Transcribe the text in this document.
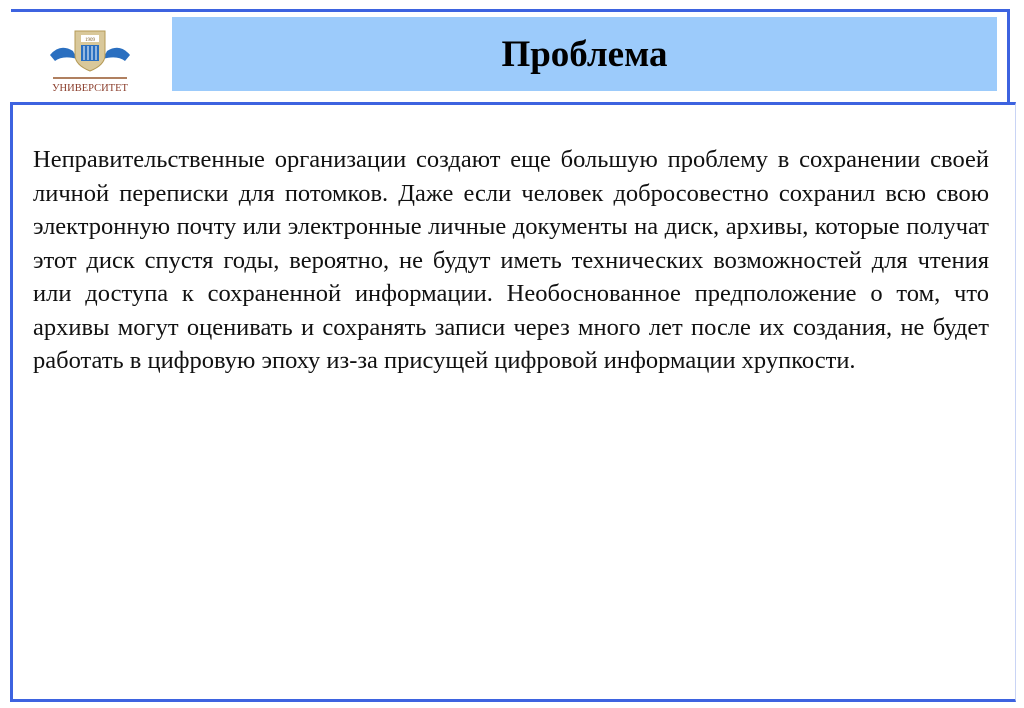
1909
УНИВЕРСИТЕТ
Проблема

Неправительственные организации создают еще большую проблему в сохранении своей личной переписки для потомков. Даже если человек добросовестно сохранил всю свою электронную почту или электронные личные документы на диск, архивы, которые получат этот диск спустя годы, вероятно, не будут иметь технических возможностей для чтения или доступа к сохраненной информации. Необоснованное предположение о том, что архивы могут оценивать и сохранять записи через много лет после их создания, не будет работать в цифровую эпоху из-за присущей цифровой информации хрупкости.
